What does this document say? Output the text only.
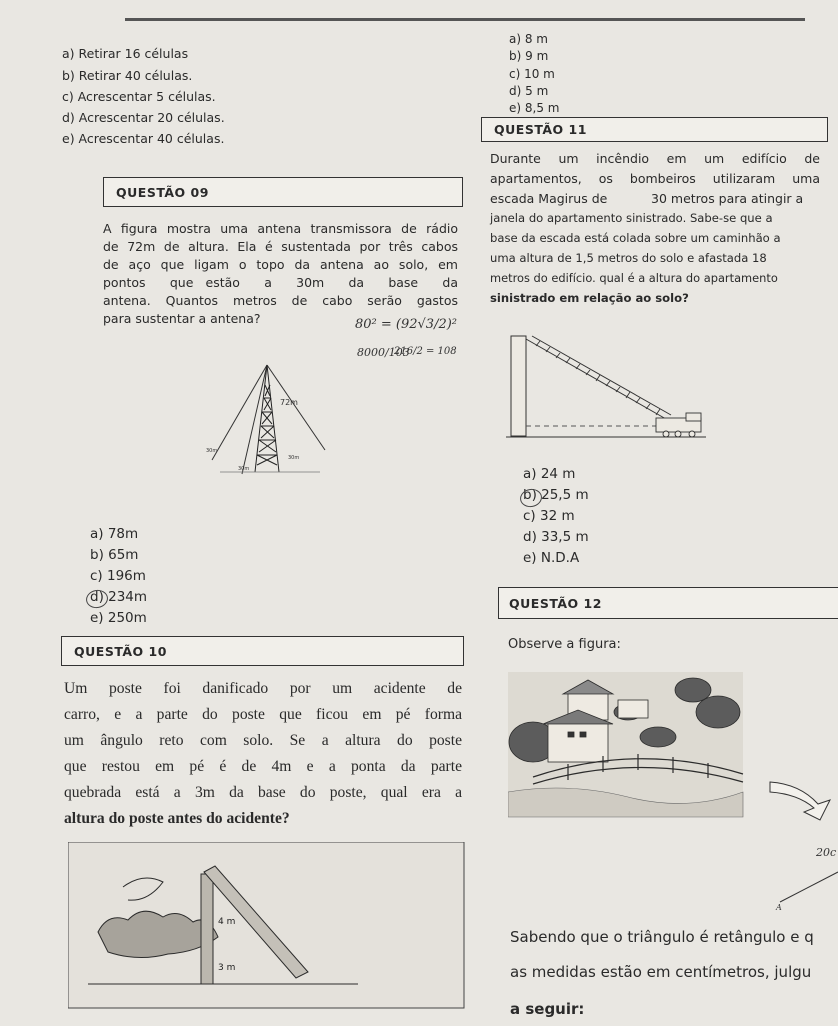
a) Retirar 16 células
b) Retirar 40 células.
c) Acrescentar 5 células.
d) Acrescentar 20 células.
e) Acrescentar 40 células.
a) 8 m
b) 9 m
c) 10 m
d) 5 m
e) 8,5 m
QUESTÃO 11
QUESTÃO 09
Durante um incêndio em um edifício de
apartamentos, os bombeiros utilizaram uma
escada Magirus de           30 metros para atingir a
janela do apartamento sinistrado. Sabe-se que a
base da escada está colada sobre um caminhão a
uma altura de 1,5 metros do solo e afastada 18
metros do edifício. qual é a altura do apartamento
sinistrado em relação ao solo?
A figura mostra uma antena transmissora de rádio
de 72m de altura. Ela é sustentada por três cabos
de aço que ligam o topo da antena ao solo, em
pontos  que estão  a  30m  da  base  da
antena. Quantos metros de cabo serão gastos
para sustentar a antena?	80² = (92√3/2)²
8000/103
216/2 = 108
72m
30m
30m
30m
a) 78m
b) 65m
c) 196m
d) 234m
e) 250m
a) 24 m
b) 25,5 m
c) 32 m
d) 33,5 m
e) N.D.A
QUESTÃO 12
QUESTÃO 10	Observe a figura:
Um poste foi danificado por um acidente de
carro, e a parte do poste que ficou em pé forma
um ângulo reto com solo. Se a altura do poste
que restou em pé é de 4m e a ponta da parte
quebrada está a 3m da base do poste, qual era a
altura do poste antes do acidente?
20c
A
4 m
3 m
Sabendo que o triângulo é retângulo e q
as medidas estão em centímetros, julgu
a seguir:
